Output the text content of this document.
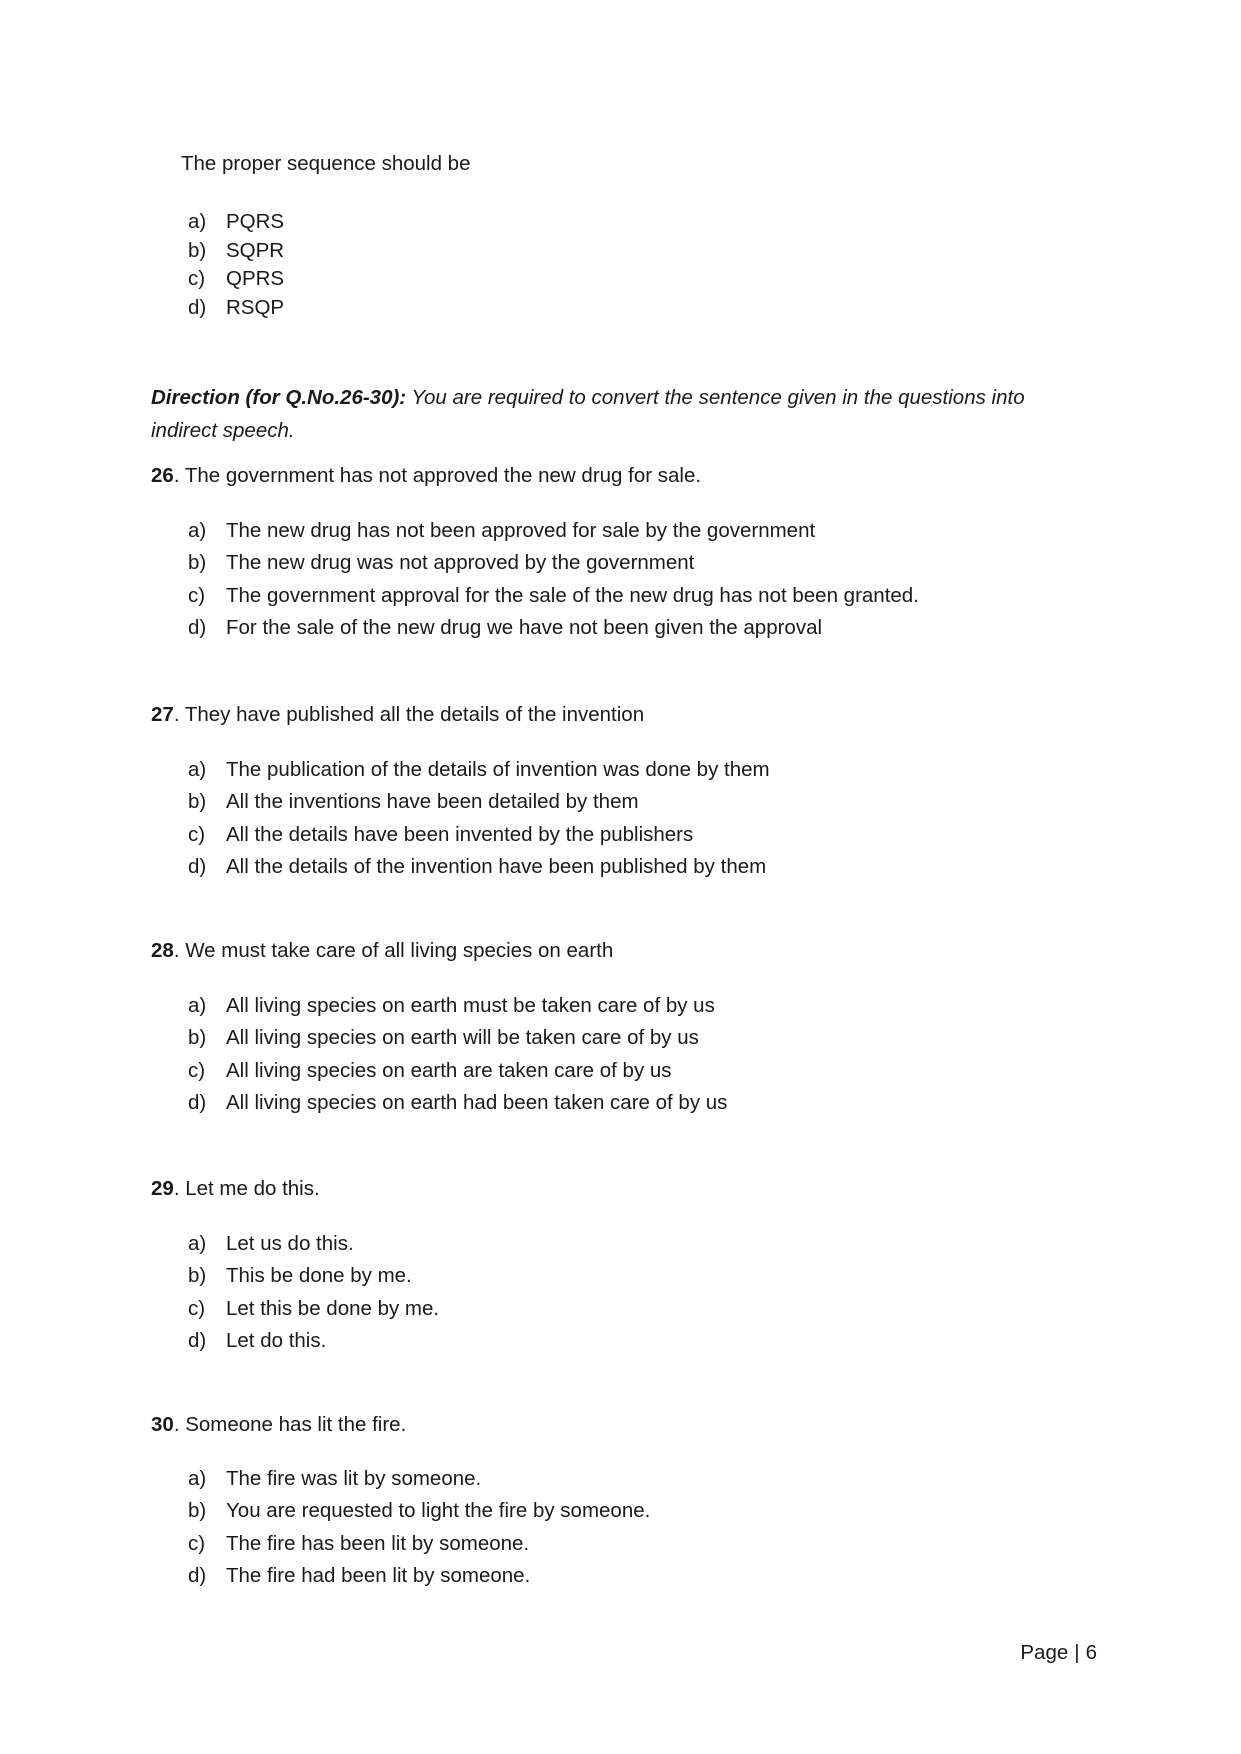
The proper sequence should be
a) PQRS
b) SQPR
c)	QPRS
d) RSQP
Direction (for Q.No.26-30): You are required to convert the sentence given in the questions into indirect speech.
26. The government has not approved the new drug for sale.
a) The new drug has not been approved for sale by the government
b) The new drug was not approved by the government
c)	The government approval for the sale of the new drug has not been granted.
d) For the sale of the new drug we have not been given the approval
27. They have published all the details of the invention
a) The publication of the details of invention was done by them
b) All the inventions have been detailed by them
c)	All the details have been invented by the publishers
d) All the details of the invention have been published by them
28. We must take care of all living species on earth
a) All living species on earth must be taken care of by us
b) All living species on earth will be taken care of by us
c)	All living species on earth are taken care of by us
d) All living species on earth had been taken care of by us
29. Let me do this.
a) Let us do this.
b) This be done by me.
c)	Let this be done by me.
d) Let do this.
30. Someone has lit the fire.
a) The fire was lit by someone.
b) You are requested to light the fire by someone.
c)	The fire has been lit by someone.
d) The fire had been lit by someone.
Page | 6
